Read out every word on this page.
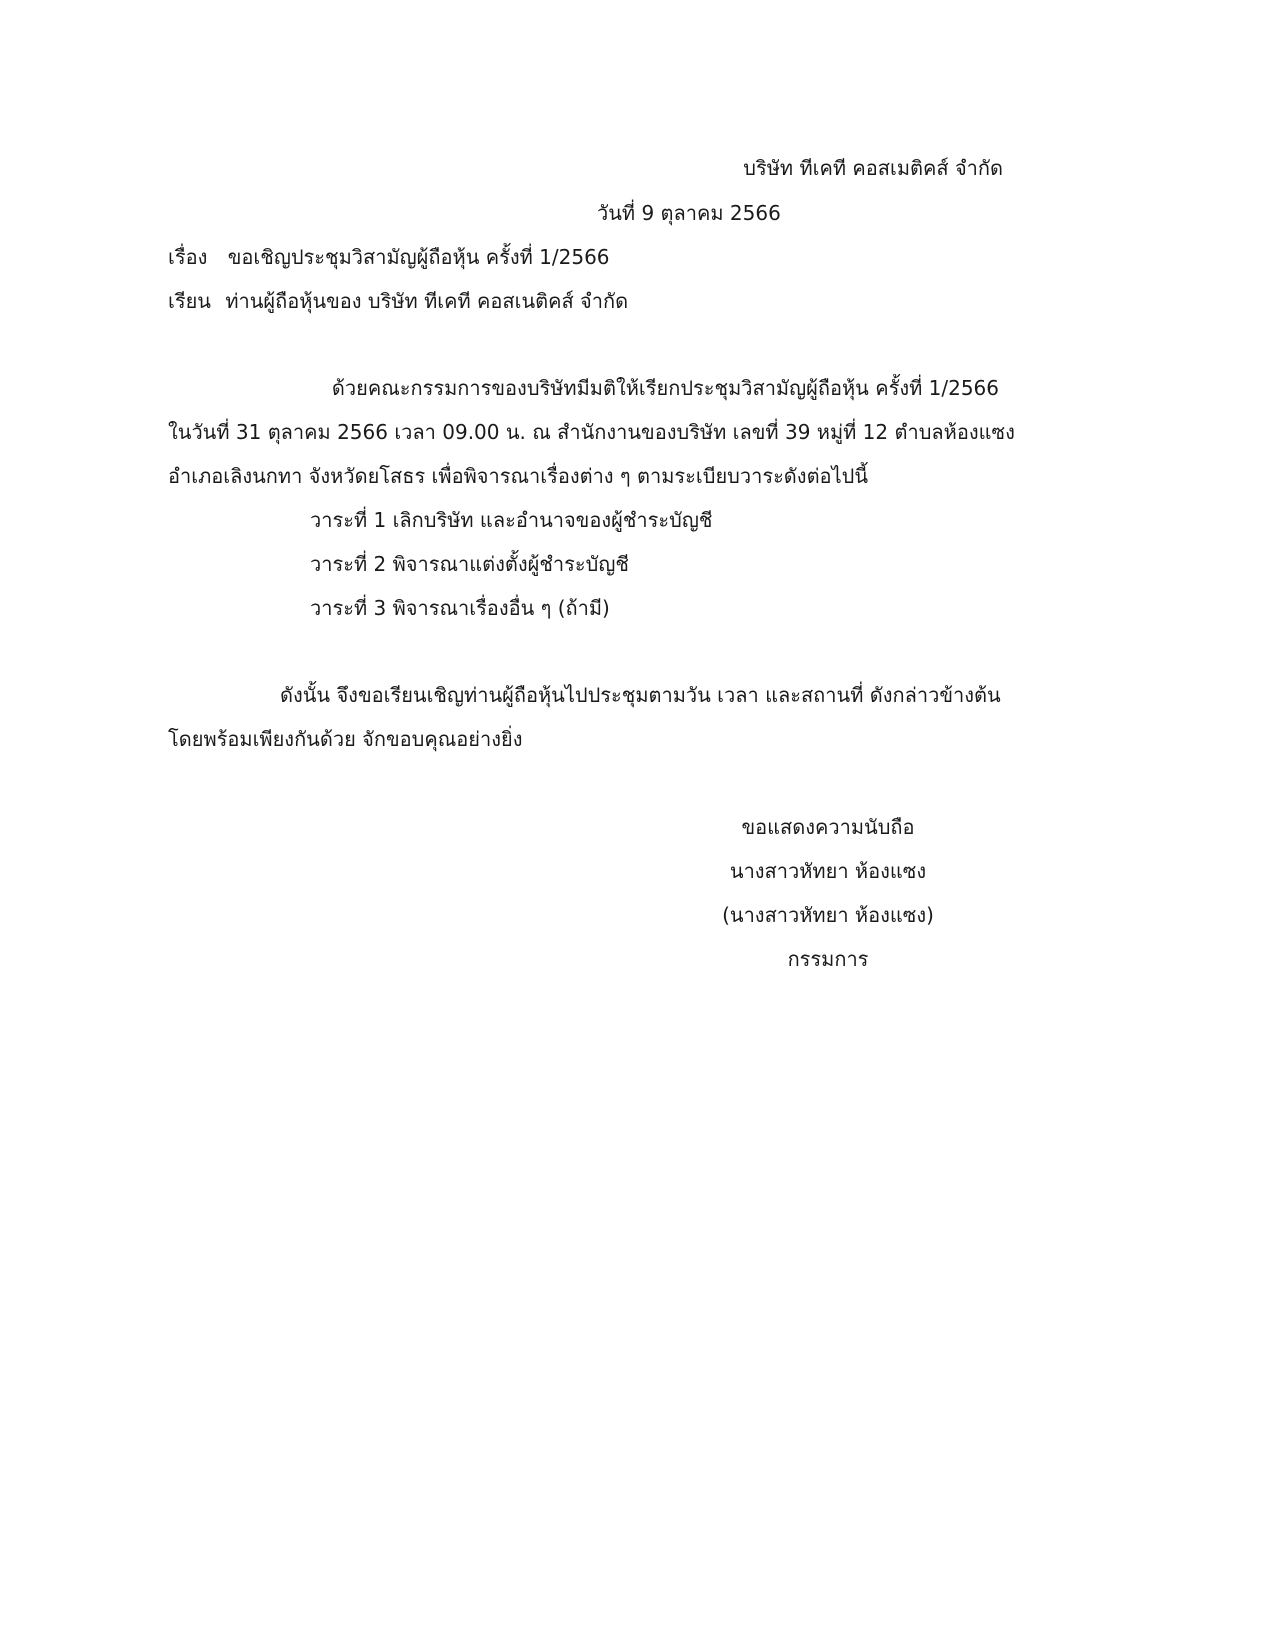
บริษัท ทีเคที คอสเมติคส์ จำกัด
วันที่ 9 ตุลาคม 2566
เรื่อง ขอเชิญประชุมวิสามัญผู้ถือหุ้น ครั้งที่ 1/2566
เรียน ท่านผู้ถือหุ้นของ บริษัท ทีเคที คอสเนติคส์ จำกัด
ด้วยคณะกรรมการของบริษัทมีมติให้เรียกประชุมวิสามัญผู้ถือหุ้น ครั้งที่ 1/2566
ในวันที่ 31 ตุลาคม 2566 เวลา 09.00 น. ณ สำนักงานของบริษัท เลขที่ 39 หมู่ที่ 12 ตำบลห้องแซง
อำเภอเลิงนกทา จังหวัดยโสธร เพื่อพิจารณาเรื่องต่าง ๆ ตามระเบียบวาระดังต่อไปนี้
วาระที่ 1 เลิกบริษัท และอำนาจของผู้ชำระบัญชี
วาระที่ 2 พิจารณาแต่งตั้งผู้ชำระบัญชี
วาระที่ 3 พิจารณาเรื่องอื่น ๆ (ถ้ามี)
ดังนั้น จึงขอเรียนเชิญท่านผู้ถือหุ้นไปประชุมตามวัน เวลา และสถานที่ ดังกล่าวข้างต้น
โดยพร้อมเพียงกันด้วย จักขอบคุณอย่างยิ่ง
ขอแสดงความนับถือ
นางสาวหัทยา ห้องแซง
(นางสาวหัทยา ห้องแซง)
กรรมการ
